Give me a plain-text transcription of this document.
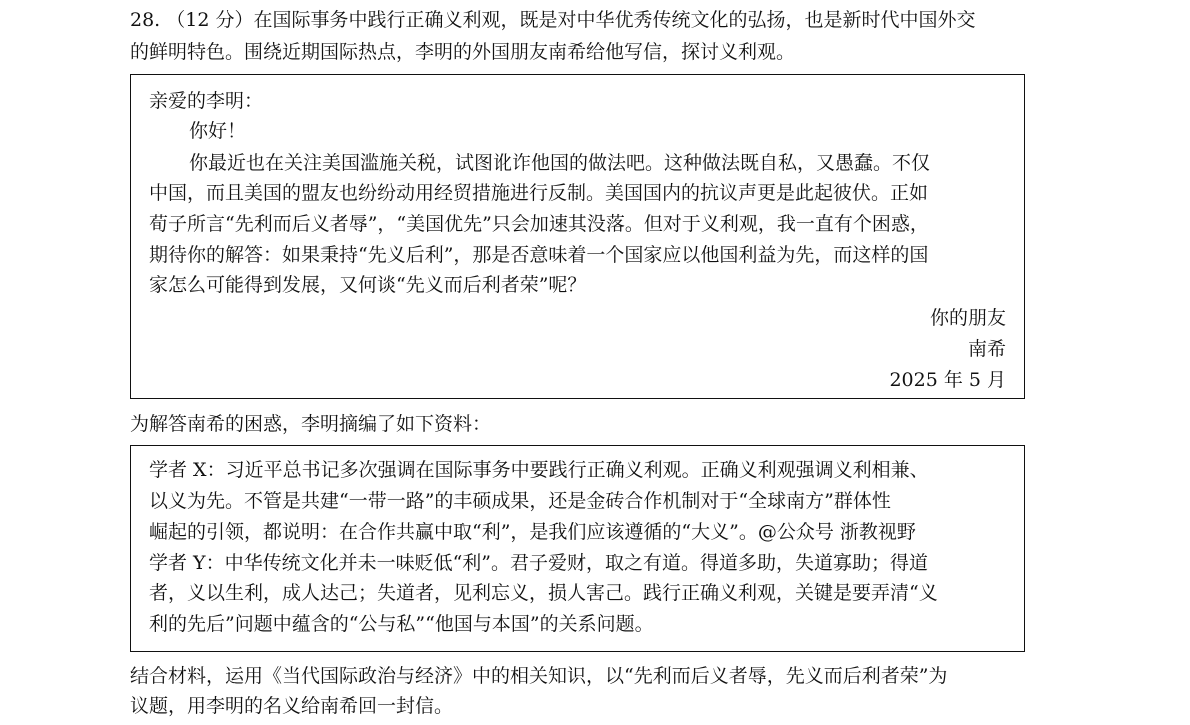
28. （12 分）在国际事务中践行正确义利观，既是对中华优秀传统文化的弘扬，也是新时代中国外交
的鲜明特色。围绕近期国际热点，李明的外国朋友南希给他写信，探讨义利观。
亲爱的李明：
你好！
你最近也在关注美国滥施关税，试图讹诈他国的做法吧。这种做法既自私，又愚蠢。不仅
中国，而且美国的盟友也纷纷动用经贸措施进行反制。美国国内的抗议声更是此起彼伏。正如
荀子所言“先利而后义者辱”，“美国优先”只会加速其没落。但对于义利观，我一直有个困惑，
期待你的解答：如果秉持“先义后利”，那是否意味着一个国家应以他国利益为先，而这样的国
家怎么可能得到发展，又何谈“先义而后利者荣”呢？
你的朋友
南希
2025 年 5 月
为解答南希的困惑，李明摘编了如下资料：
学者 X：习近平总书记多次强调在国际事务中要践行正确义利观。正确义利观强调义利相兼、
以义为先。不管是共建“一带一路”的丰硕成果，还是金砖合作机制对于“全球南方”群体性
崛起的引领，都说明：在合作共赢中取“利”，是我们应该遵循的“大义”。@公众号 浙教视野
学者 Y：中华传统文化并未一味贬低“利”。君子爱财，取之有道。得道多助，失道寡助；得道
者，义以生利，成人达己；失道者，见利忘义，损人害己。践行正确义利观，关键是要弄清“义
利的先后”问题中蕴含的“公与私”“他国与本国”的关系问题。
结合材料，运用《当代国际政治与经济》中的相关知识，以“先利而后义者辱，先义而后利者荣”为
议题，用李明的名义给南希回一封信。
